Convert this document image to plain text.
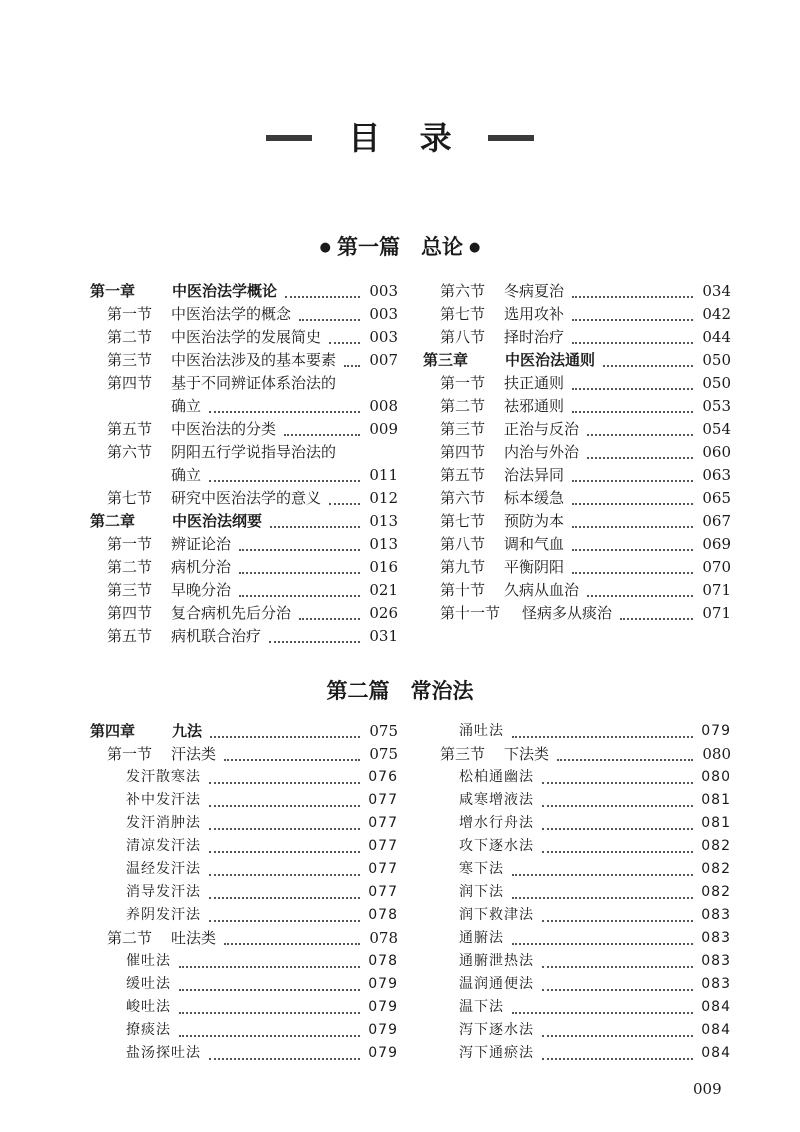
目 录
● 第一篇　总论 ●
第一章	中医治法学概论	003
第一节	中医治法学的概念	003
第二节	中医治法学的发展简史	003
第三节	中医治法涉及的基本要素 007
第四节	基于不同辨证体系治法的
确立	008
第五节	中医治法的分类	009
第六节	阴阳五行学说指导治法的
确立	011
第七节	研究中医治法学的意义	012
第二章	中医治法纲要	013
第一节	辨证论治	013
第二节	病机分治	016
第三节	早晚分治	021
第四节	复合病机先后分治	026
第五节	病机联合治疗	031
第六节	冬病夏治	034
第七节	选用攻补	042
第八节	择时治疗	044
第三章	中医治法通则	050
第一节	扶正通则	050
第二节	祛邪通则	053
第三节	正治与反治	054
第四节	内治与外治	060
第五节	治法异同	063
第六节	标本缓急	065
第七节	预防为本	067
第八节	调和气血	069
第九节	平衡阴阳	070
第十节	久病从血治	071
第十一节	怪病多从痰治	071
第二篇　常治法
第四章	九法	075
第一节	汗法类	075
发汗散寒法	076
补中发汗法	077
发汗消肿法	077
清凉发汗法	077
温经发汗法	077
消导发汗法	077
养阴发汗法	078
第二节	吐法类	078
催吐法	078
缓吐法	079
峻吐法	079
撩痰法	079
盐汤探吐法	079
涌吐法	079
第三节	下法类	080
松柏通幽法	080
咸寒增液法	081
增水行舟法	081
攻下逐水法	082
寒下法	082
润下法	082
润下救津法	083
通腑法	083
通腑泄热法	083
温润通便法	083
温下法	084
泻下逐水法	084
泻下通瘀法	084
009
